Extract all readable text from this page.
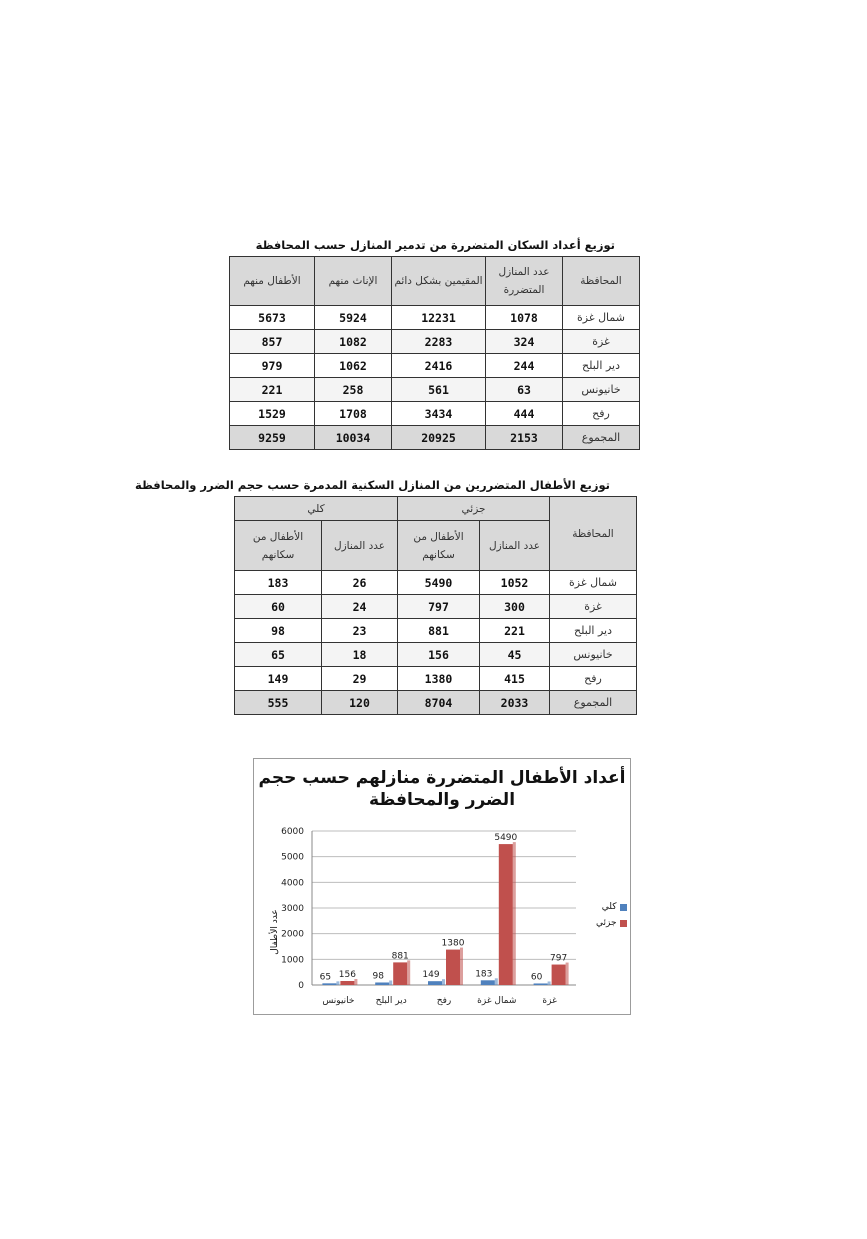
توزيع أعداد السكان المتضررة من تدمير المنازل حسب المحافظة
المحافظة	عدد المنازل المتضررة	المقيمين بشكل دائم	الإناث منهم	الأطفال منهم
شمال غزة	1078	12231	5924	5673
غزة	324	2283	1082	857
دير البلح	244	2416	1062	979
خانيونس	63	561	258	221
رفح	444	3434	1708	1529
المجموع	2153	20925	10034	9259
توزيع الأطفال المتضررين من المنازل السكنية المدمرة حسب حجم الضرر والمحافظة
المحافظة	جزئي		كلي	
	عدد المنازل	الأطفال من سكانهم	عدد المنازل	الأطفال من سكانهم
شمال غزة	1052	5490	26	183
غزة	300	797	24	60
دير البلح	221	881	23	98
خانيونس	45	156	18	65
رفح	415	1380	29	149
المجموع	2033	8704	120	555
أعداد الأطفال المتضررة منازلهم حسب حجم
الضرر والمحافظة
عدد الأطفال
0
1000
2000
3000
4000
5000
6000
65 156
خانيونس
98
881
دير البلح
149
1380
رفح
183
5490
شمال غزة
60
797
غزة
كلي
جزئي
